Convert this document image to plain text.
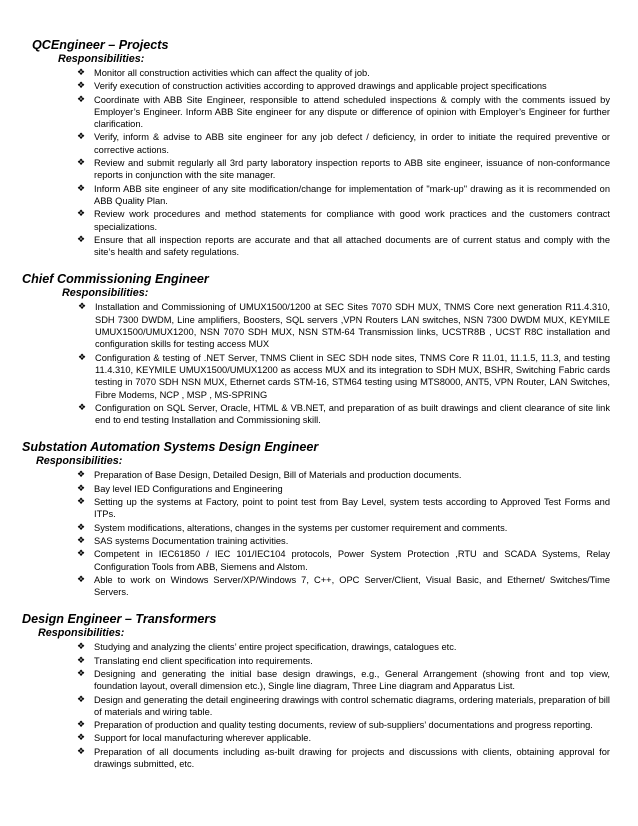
QCEngineer – Projects

Responsibilities:

❖ Monitor all construction activities which can affect the quality of job.
❖ Verify execution of construction activities according to approved drawings and applicable project specifications
❖ Coordinate with ABB Site Engineer, responsible to attend scheduled inspections & comply with the comments issued by Employer’s Engineer. Inform ABB Site engineer for any dispute or difference of opinion with Employer’s Engineer for further clarification.
❖ Verify, inform & advise to ABB site engineer for any job defect / deficiency, in order to initiate the required preventive or corrective actions.
❖ Review and submit regularly all 3rd party laboratory inspection reports to ABB site engineer, issuance of non-conformance reports in conjunction with the site manager.
❖ Inform ABB site engineer of any site modification/change for implementation of "mark-up" drawing as it is recommended on ABB Quality Plan.
❖ Review work procedures and method statements for compliance with good work practices and the customers contract specializations.
❖ Ensure that all inspection reports are accurate and that all attached documents are of current status and comply with the site’s health and safety regulations.

Chief Commissioning Engineer

Responsibilities:

❖ Installation and Commissioning of UMUX1500/1200 at SEC Sites 7070 SDH MUX, TNMS Core next generation R11.4.310, SDH 7300 DWDM, Line amplifiers, Boosters, SQL servers ,VPN Routers LAN switches, NSN 7300 DWDM MUX, KEYMILE UMUX1500/UMUX1200, NSN 7070 SDH MUX, NSN STM-64 Transmission links, UCSTR8B , UCST R8C installation and configuration skills for testing access MUX
❖ Configuration & testing of .NET Server, TNMS Client in SEC SDH node sites, TNMS Core R 11.01, 11.1.5, 11.3, and testing 11.4.310, KEYMILE UMUX1500/UMUX1200 as access MUX and its integration to SDH MUX, BSHR, Switching Fabric cards testing in 7070 SDH NSN MUX, Ethernet cards STM-16, STM64 testing using MTS8000, ANT5, VPN Router, LAN Switches, Fibre Modems, NCP , MSP , MS-SPRING
❖ Configuration on SQL Server, Oracle, HTML & VB.NET, and preparation of as built drawings and client clearance of site link end to end testing Installation and Commissioning skill.

Substation Automation Systems Design Engineer

Responsibilities:

❖ Preparation of Base Design, Detailed Design, Bill of Materials and production documents.
❖ Bay level IED Configurations and Engineering
❖ Setting up the systems at Factory, point to point test from Bay Level, system tests according to Approved Test Forms and ITPs.
❖ System modifications, alterations, changes in the systems per customer requirement and comments.
❖ SAS systems Documentation training activities.
❖ Competent in IEC61850 / IEC 101/IEC104 protocols, Power System Protection ,RTU and SCADA Systems, Relay Configuration Tools from ABB, Siemens and Alstom.
❖ Able to work on Windows Server/XP/Windows 7, C++, OPC Server/Client, Visual Basic, and Ethernet/ Switches/Time Servers.

Design Engineer – Transformers

Responsibilities:

❖ Studying and analyzing the clients’ entire project specification, drawings, catalogues etc.
❖ Translating end client specification into requirements.
❖ Designing and generating the initial base design drawings, e.g., General Arrangement (showing front and top view, foundation layout, overall dimension etc.), Single line diagram, Three Line diagram and Apparatus List.
❖ Design and generating the detail engineering drawings with control schematic diagrams, ordering materials, preparation of bill of materials and wiring table.
❖ Preparation of production and quality testing documents, review of sub-suppliers’ documentations and progress reporting.
❖ Support for local manufacturing wherever applicable.
❖ Preparation of all documents including as-built drawing for projects and discussions with clients, obtaining approval for drawings submitted, etc.
